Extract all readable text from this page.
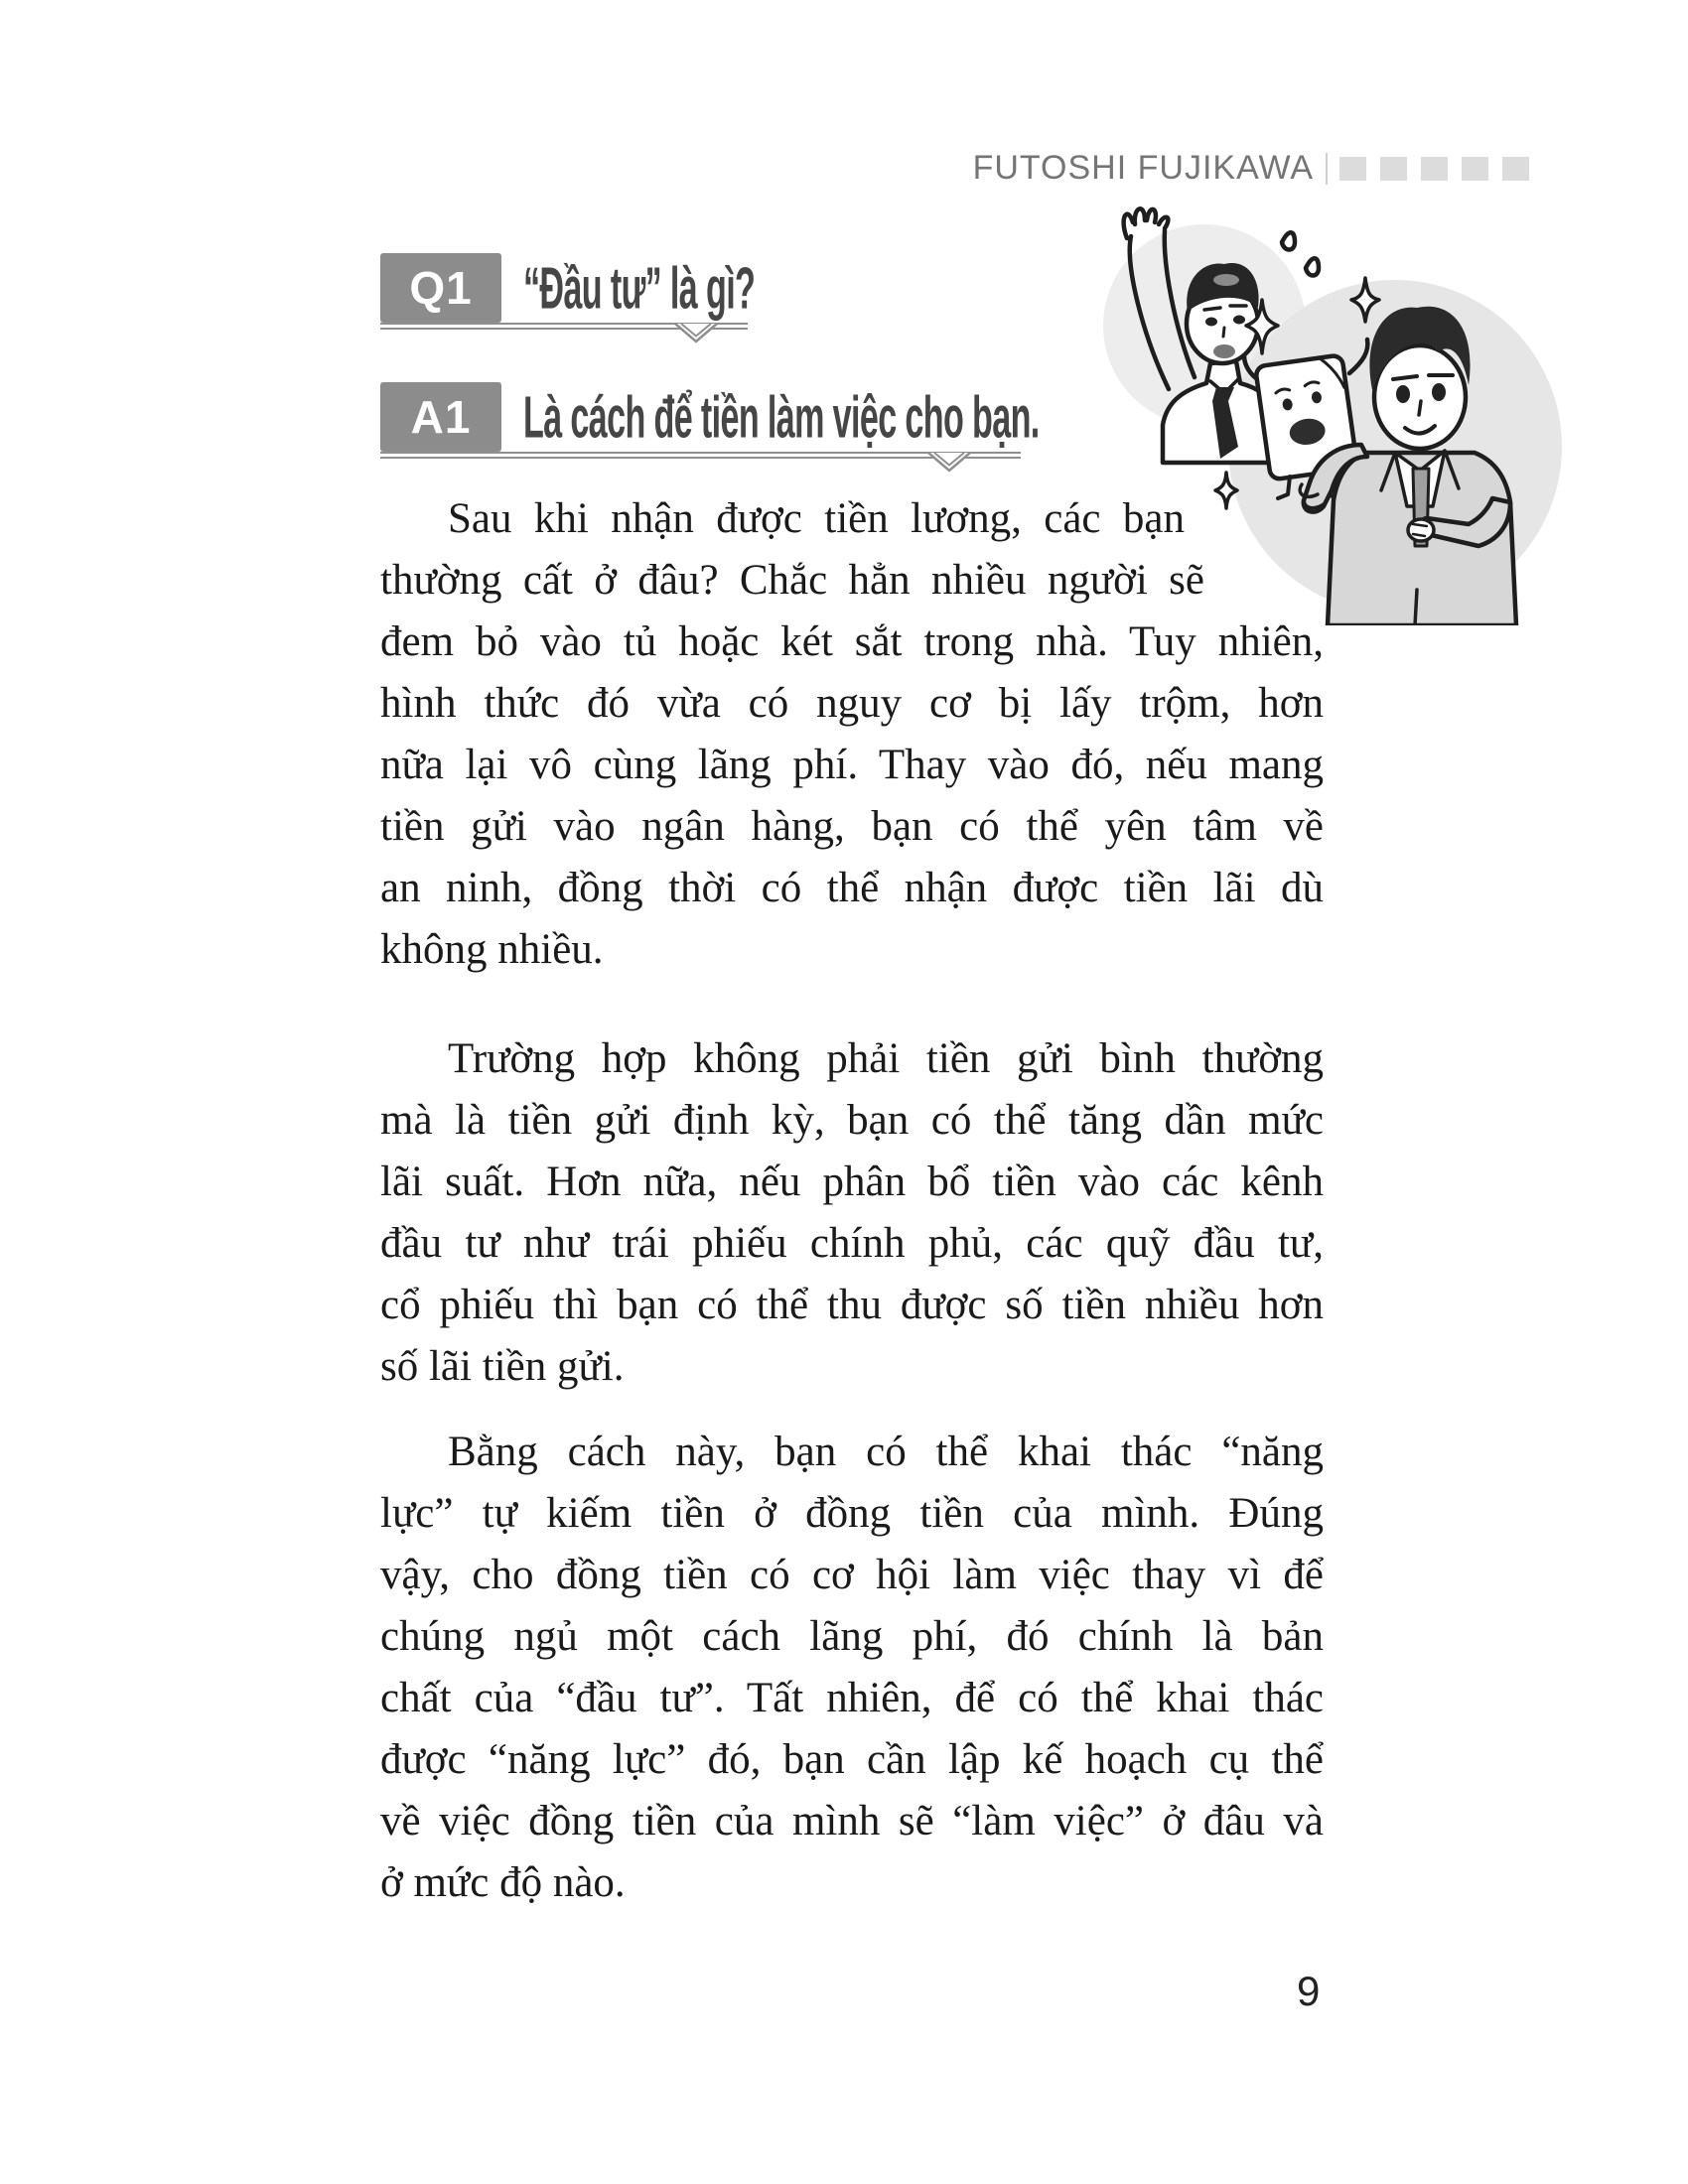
FUTOSHI FUJIKAWA
Q1 “Đầu tư” là gì?
A1 Là cách để tiền làm việc cho bạn.
Sau khi nhận được tiền lương, các bạn
thường cất ở đâu? Chắc hẳn nhiều người sẽ
đem bỏ vào tủ hoặc két sắt trong nhà. Tuy nhiên,
hình thức đó vừa có nguy cơ bị lấy trộm, hơn
nữa lại vô cùng lãng phí. Thay vào đó, nếu mang
tiền gửi vào ngân hàng, bạn có thể yên tâm về
an ninh, đồng thời có thể nhận được tiền lãi dù
không nhiều.
Trường hợp không phải tiền gửi bình thường
mà là tiền gửi định kỳ, bạn có thể tăng dần mức
lãi suất. Hơn nữa, nếu phân bổ tiền vào các kênh
đầu tư như trái phiếu chính phủ, các quỹ đầu tư,
cổ phiếu thì bạn có thể thu được số tiền nhiều hơn
số lãi tiền gửi.
Bằng cách này, bạn có thể khai thác “năng
lực” tự kiếm tiền ở đồng tiền của mình. Đúng
vậy, cho đồng tiền có cơ hội làm việc thay vì để
chúng ngủ một cách lãng phí, đó chính là bản
chất của “đầu tư”. Tất nhiên, để có thể khai thác
được “năng lực” đó, bạn cần lập kế hoạch cụ thể
về việc đồng tiền của mình sẽ “làm việc” ở đâu và
ở mức độ nào.
9
